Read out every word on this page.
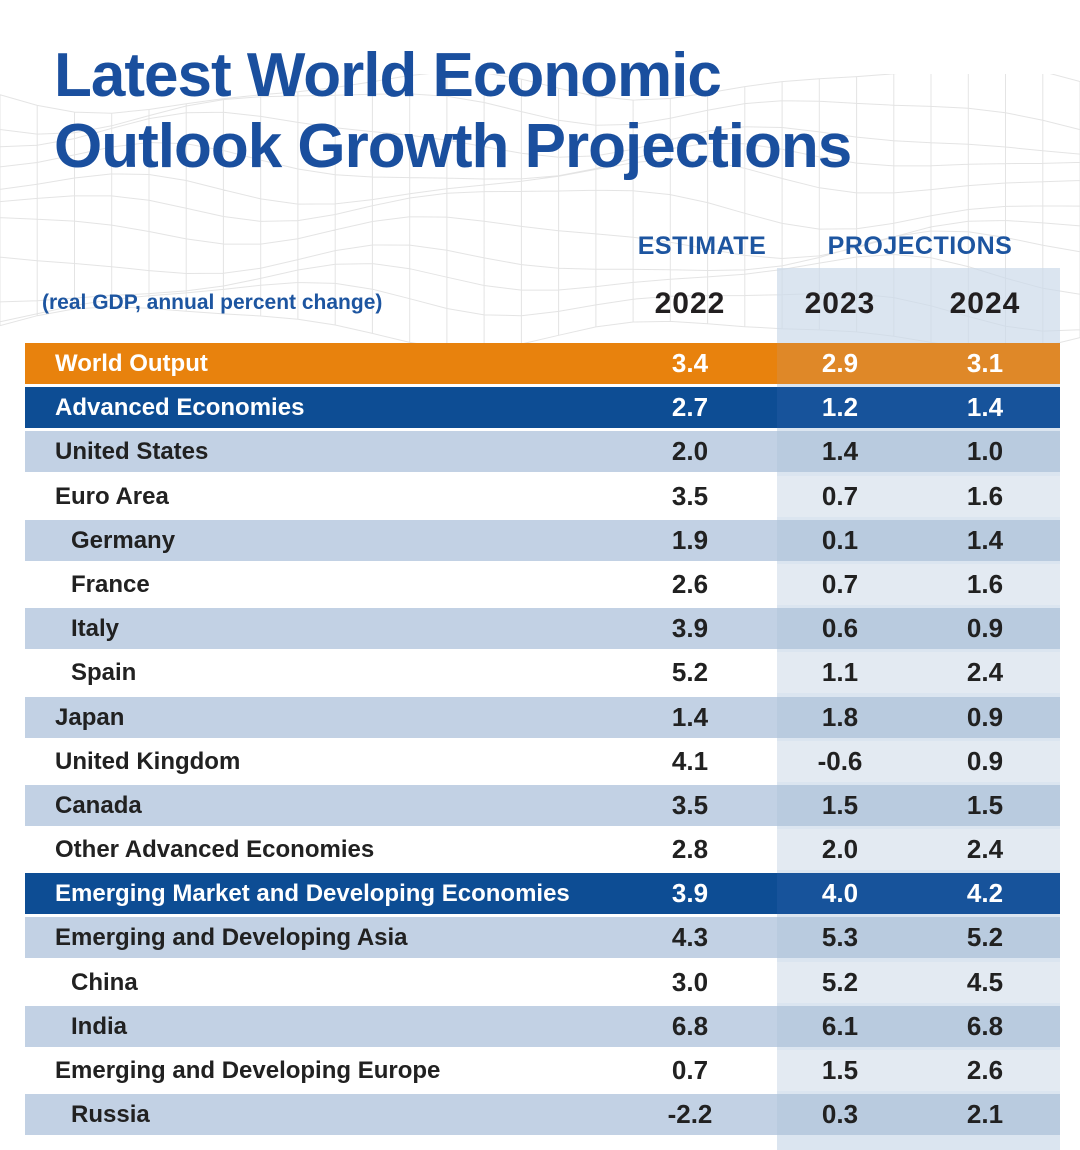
Latest World Economic
Outlook Growth Projections
ESTIMATE	PROJECTIONS
(real GDP, annual percent change)	2022	2023	2024
World Output	3.4	2.9	3.1
Advanced Economies	2.7	1.2	1.4
United States	2.0	1.4	1.0
Euro Area	3.5	0.7	1.6
Germany	1.9	0.1	1.4
France	2.6	0.7	1.6
Italy	3.9	0.6	0.9
Spain	5.2	1.1	2.4
Japan	1.4	1.8	0.9
United Kingdom	4.1	-0.6	0.9
Canada	3.5	1.5	1.5
Other Advanced Economies	2.8	2.0	2.4
Emerging Market and Developing Economies	3.9	4.0	4.2
Emerging and Developing Asia	4.3	5.3	5.2
China	3.0	5.2	4.5
India	6.8	6.1	6.8
Emerging and Developing Europe	0.7	1.5	2.6
Russia	-2.2	0.3	2.1
